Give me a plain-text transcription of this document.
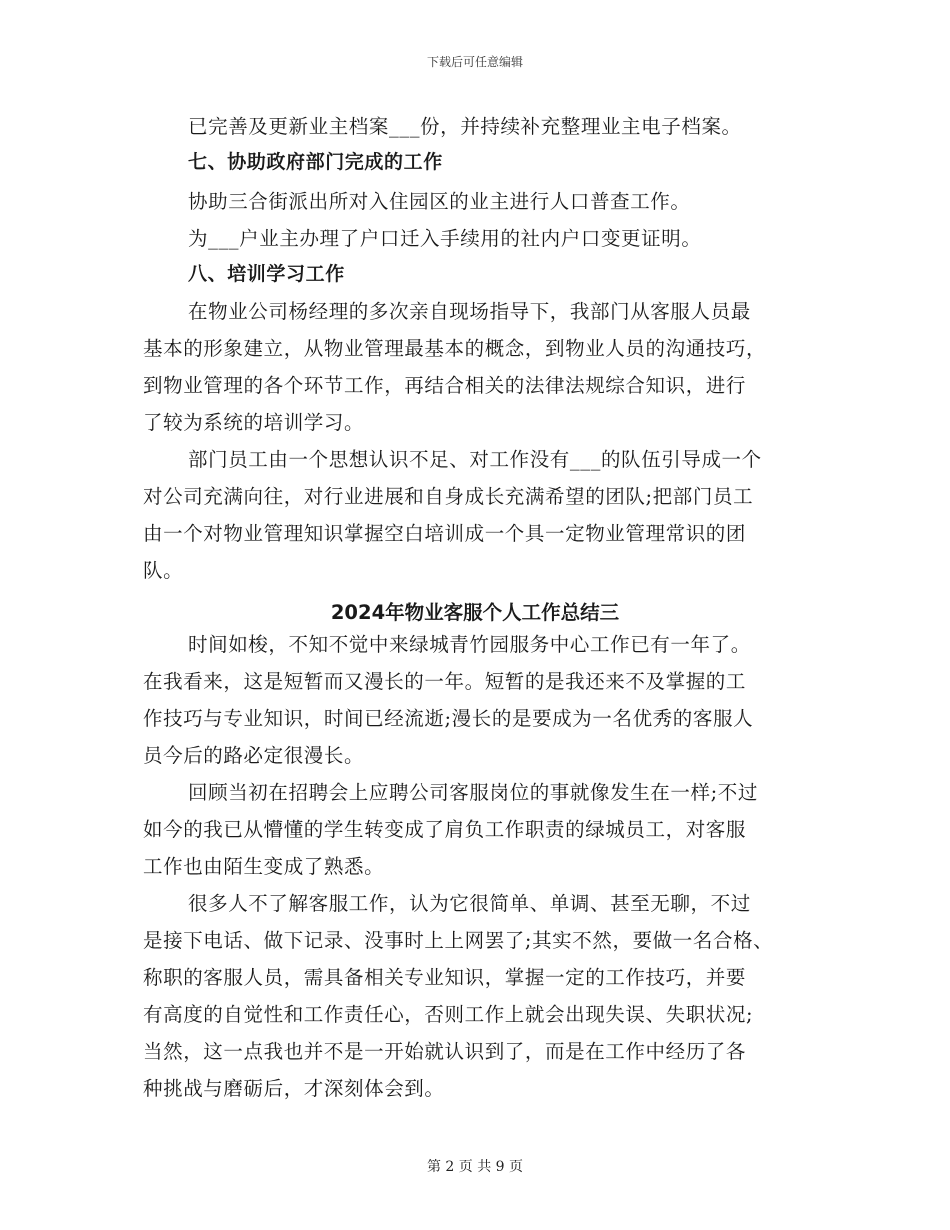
下载后可任意编辑
已完善及更新业主档案___份，并持续补充整理业主电子档案。
七、协助政府部门完成的工作
协助三合街派出所对入住园区的业主进行人口普查工作。
为___户业主办理了户口迁入手续用的社内户口变更证明。
八、培训学习工作
在物业公司杨经理的多次亲自现场指导下，我部门从客服人员最
基本的形象建立，从物业管理最基本的概念，到物业人员的沟通技巧，
到物业管理的各个环节工作，再结合相关的法律法规综合知识，进行
了较为系统的培训学习。
部门员工由一个思想认识不足、对工作没有___的队伍引导成一个
对公司充满向往，对行业进展和自身成长充满希望的团队;把部门员工
由一个对物业管理知识掌握空白培训成一个具一定物业管理常识的团
队。
2024年物业客服个人工作总结三
时间如梭，不知不觉中来绿城青竹园服务中心工作已有一年了。
在我看来，这是短暂而又漫长的一年。短暂的是我还来不及掌握的工
作技巧与专业知识，时间已经流逝;漫长的是要成为一名优秀的客服人
员今后的路必定很漫长。
回顾当初在招聘会上应聘公司客服岗位的事就像发生在一样;不过
如今的我已从懵懂的学生转变成了肩负工作职责的绿城员工，对客服
工作也由陌生变成了熟悉。
很多人不了解客服工作，认为它很简单、单调、甚至无聊，不过
是接下电话、做下记录、没事时上上网罢了;其实不然，要做一名合格、
称职的客服人员，需具备相关专业知识，掌握一定的工作技巧，并要
有高度的自觉性和工作责任心，否则工作上就会出现失误、失职状况;
当然，这一点我也并不是一开始就认识到了，而是在工作中经历了各
种挑战与磨砺后，才深刻体会到。
第 2 页 共 9 页
